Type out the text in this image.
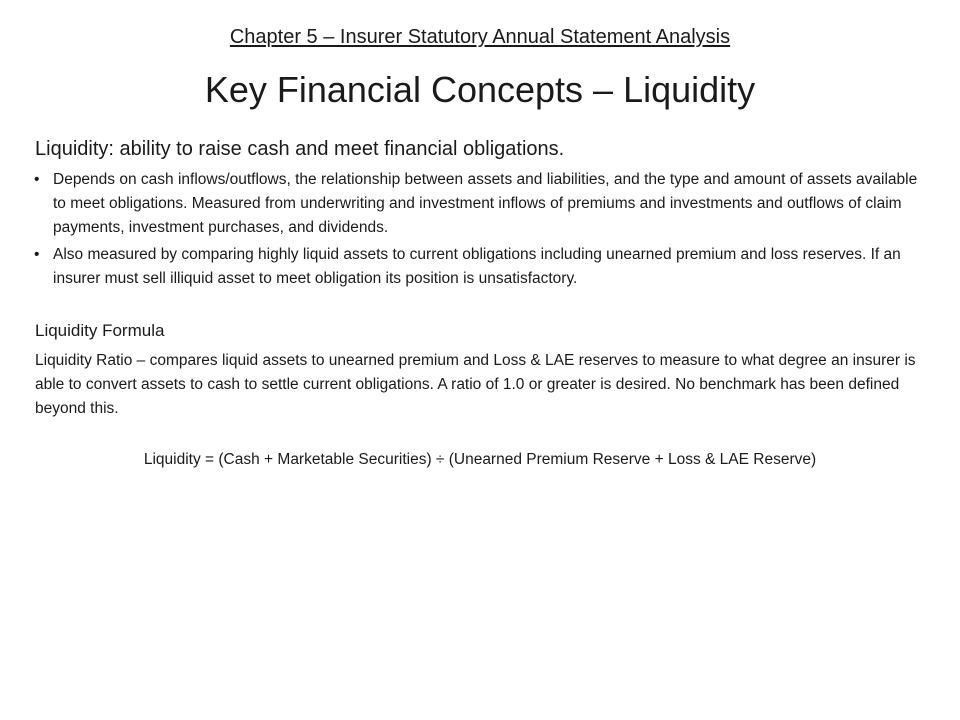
Chapter 5 – Insurer Statutory Annual Statement Analysis
Key Financial Concepts – Liquidity
Liquidity: ability to raise cash and meet financial obligations.
• Depends on cash inflows/outflows, the relationship between assets and liabilities, and the type and amount of assets available to meet obligations. Measured from underwriting and investment inflows of premiums and investments and outflows of claim payments, investment purchases, and dividends.
• Also measured by comparing highly liquid assets to current obligations including unearned premium and loss reserves. If an insurer must sell illiquid asset to meet obligation its position is unsatisfactory.
Liquidity Formula
Liquidity Ratio – compares liquid assets to unearned premium and Loss & LAE reserves to measure to what degree an insurer is able to convert assets to cash to settle current obligations. A ratio of 1.0 or greater is desired. No benchmark has been defined beyond this.
Liquidity = (Cash + Marketable Securities) ÷ (Unearned Premium Reserve + Loss & LAE Reserve)
